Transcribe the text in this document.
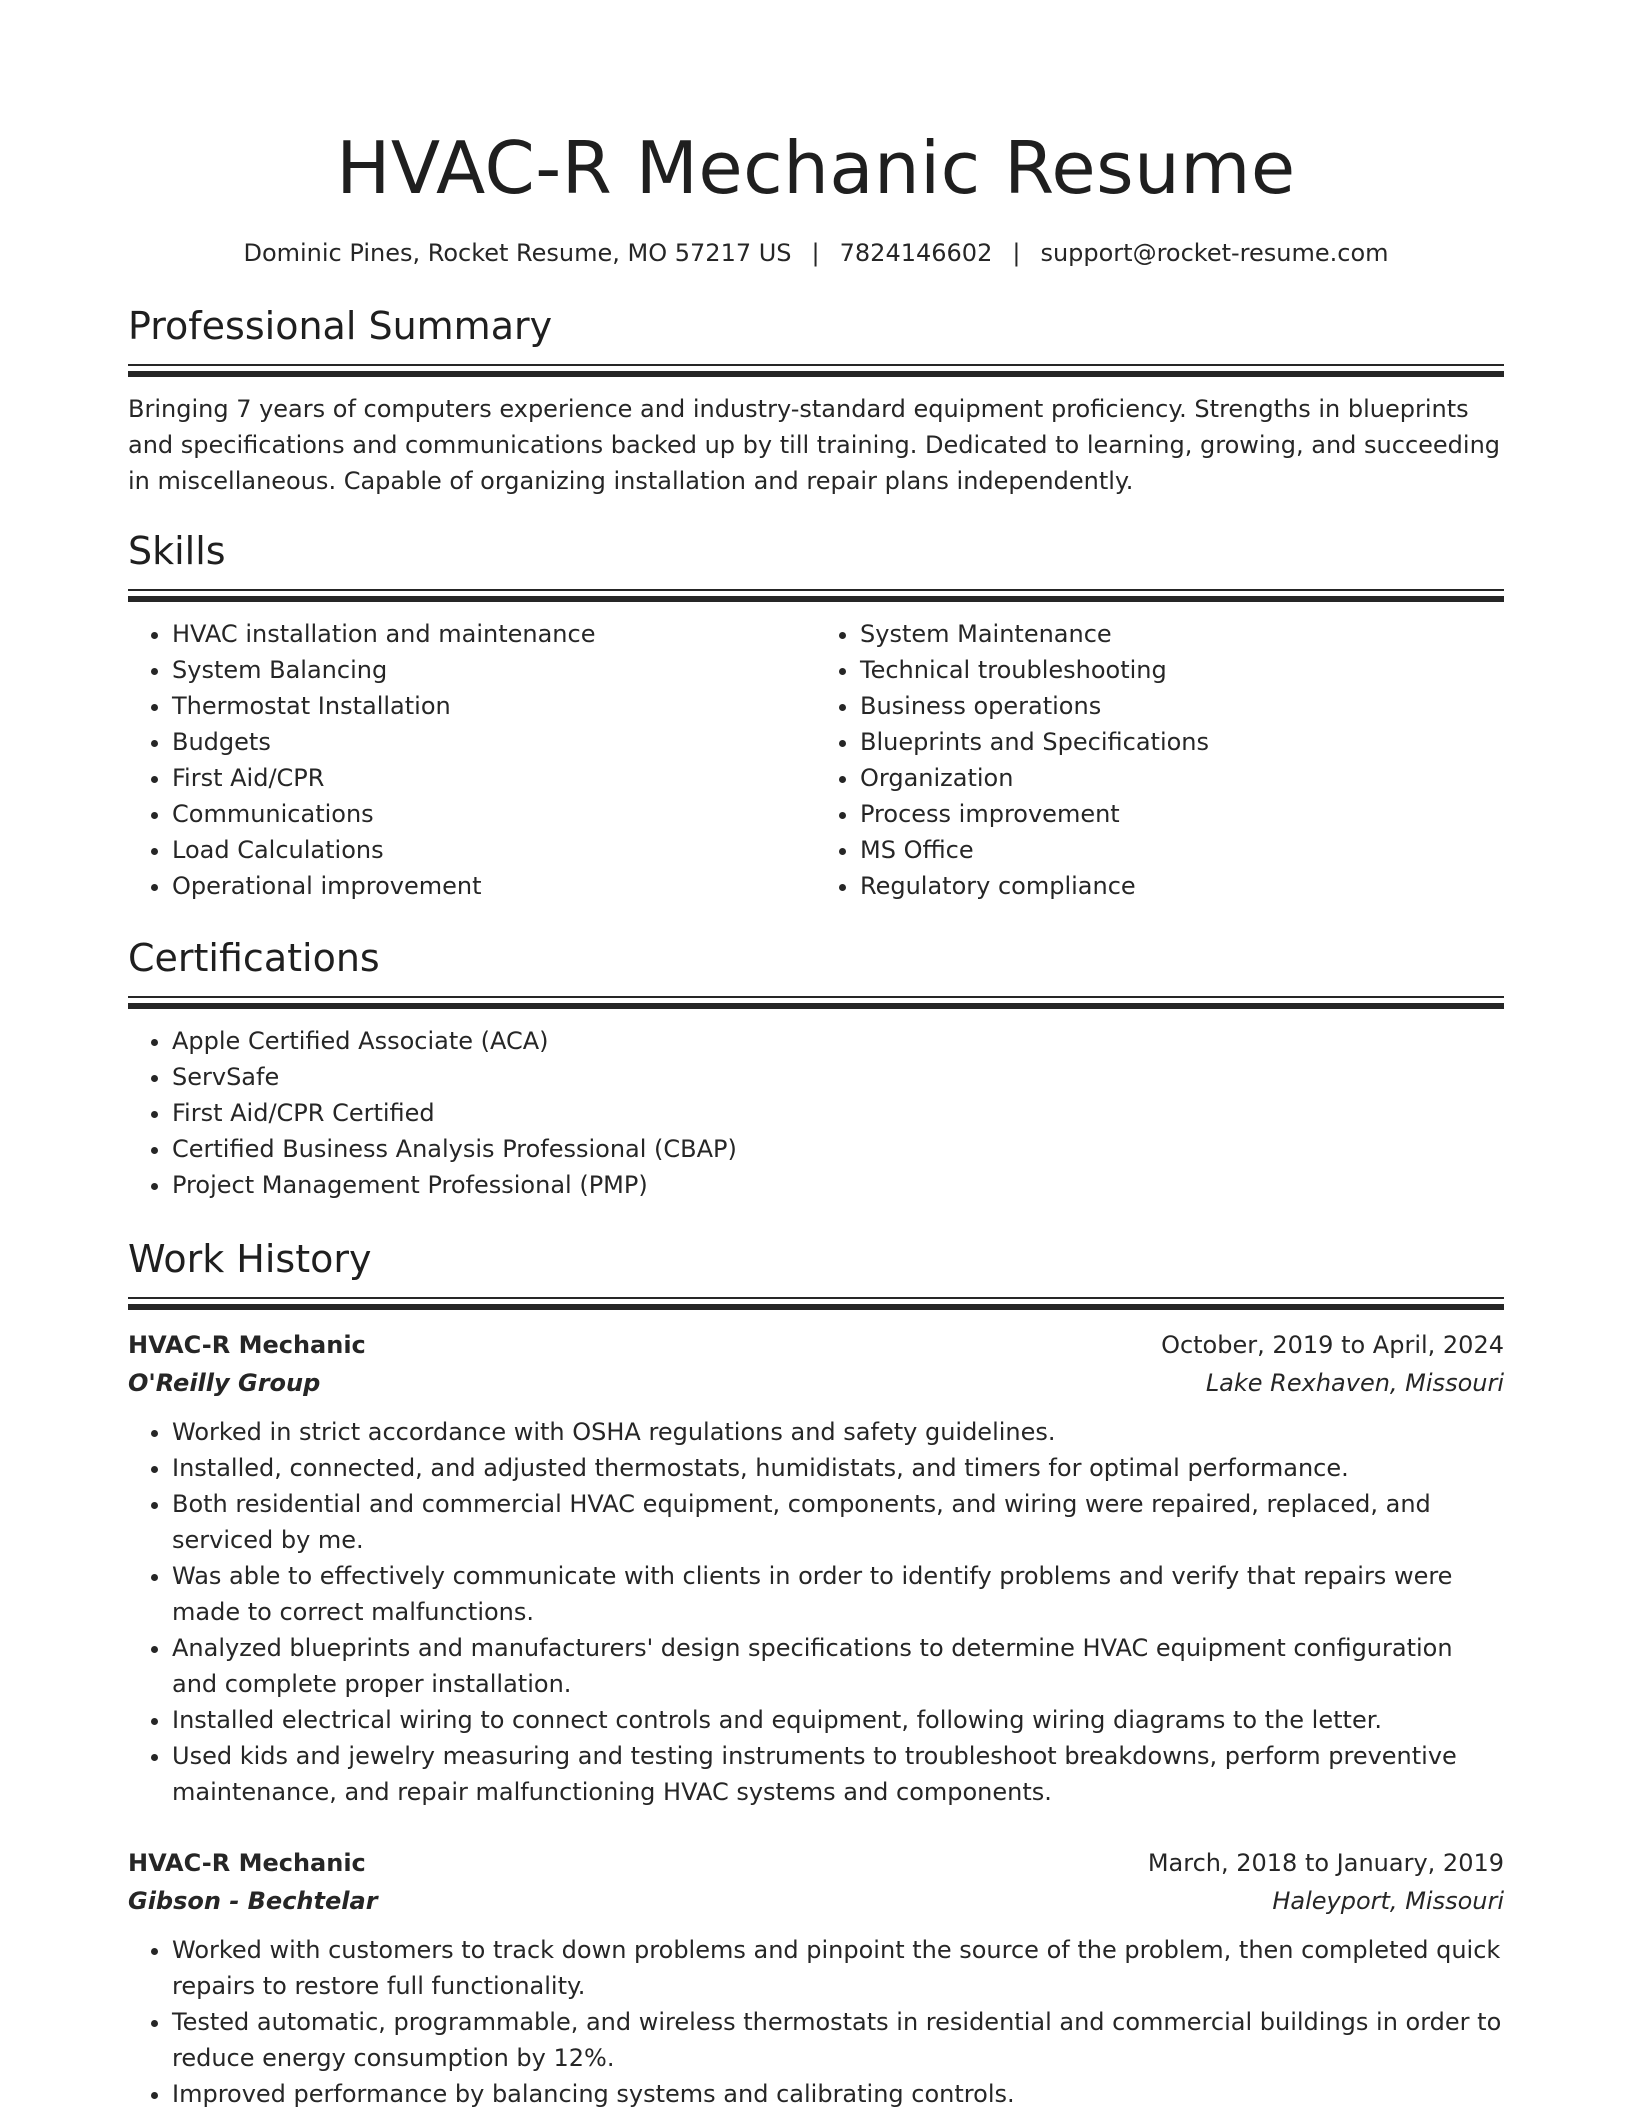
HVAC-R Mechanic Resume
Dominic Pines, Rocket Resume, MO 57217 US | 7824146602 | support@rocket-resume.com
Professional Summary

Bringing 7 years of computers experience and industry-standard equipment proficiency. Strengths in blueprints and specifications and communications backed up by till training. Dedicated to learning, growing, and succeeding in miscellaneous. Capable of organizing installation and repair plans independently.

Skills
• HVAC installation and maintenance
• System Balancing
• Thermostat Installation
• Budgets
• First Aid/CPR
• Communications
• Load Calculations
• Operational improvement
• System Maintenance
• Technical troubleshooting
• Business operations
• Blueprints and Specifications
• Organization
• Process improvement
• MS Office
• Regulatory compliance
Certifications
• Apple Certified Associate (ACA)
• ServSafe
• First Aid/CPR Certified
• Certified Business Analysis Professional (CBAP)
• Project Management Professional (PMP)
Work History
HVAC-R Mechanic	October, 2019 to April, 2024
O'Reilly Group	Lake Rexhaven, Missouri
• Worked in strict accordance with OSHA regulations and safety guidelines.
• Installed, connected, and adjusted thermostats, humidistats, and timers for optimal performance.
• Both residential and commercial HVAC equipment, components, and wiring were repaired, replaced, and serviced by me.
• Was able to effectively communicate with clients in order to identify problems and verify that repairs were made to correct malfunctions.
• Analyzed blueprints and manufacturers' design specifications to determine HVAC equipment configuration and complete proper installation.
• Installed electrical wiring to connect controls and equipment, following wiring diagrams to the letter.
• Used kids and jewelry measuring and testing instruments to troubleshoot breakdowns, perform preventive maintenance, and repair malfunctioning HVAC systems and components.
HVAC-R Mechanic	March, 2018 to January, 2019
Gibson - Bechtelar	Haleyport, Missouri
• Worked with customers to track down problems and pinpoint the source of the problem, then completed quick repairs to restore full functionality.
• Tested automatic, programmable, and wireless thermostats in residential and commercial buildings in order to reduce energy consumption by 12%.
• Improved performance by balancing systems and calibrating controls.
